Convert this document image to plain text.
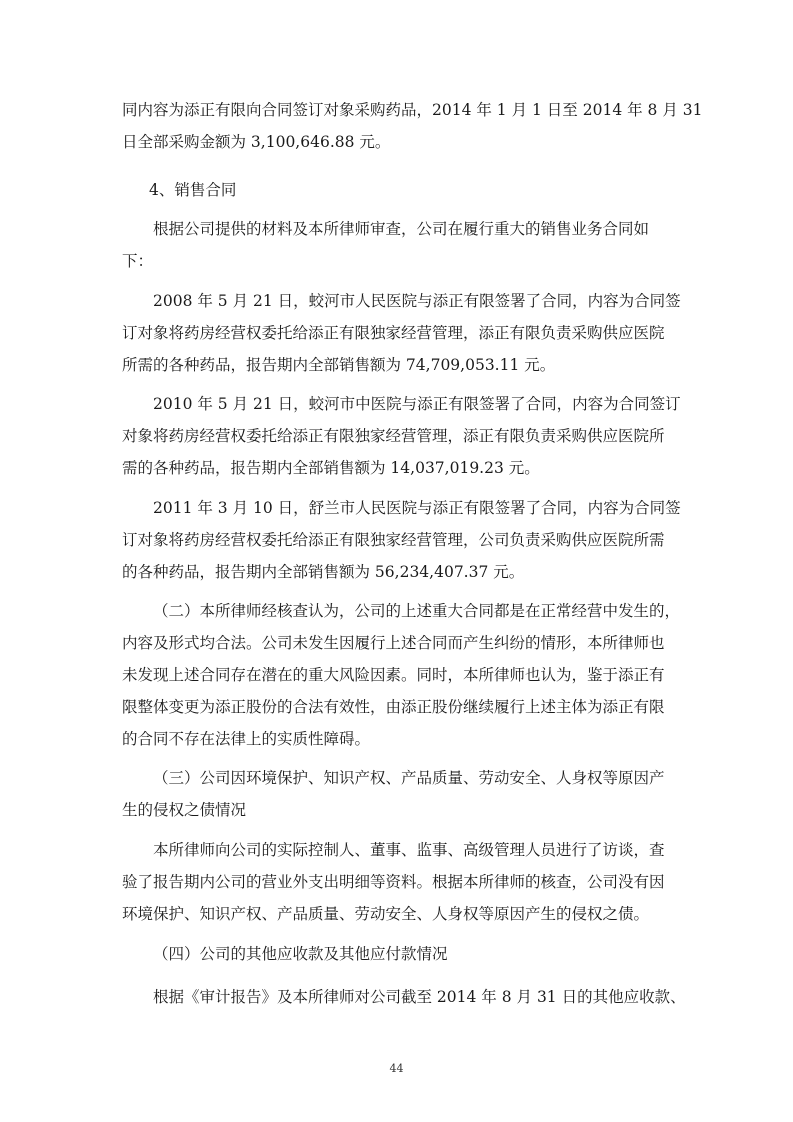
同内容为添正有限向合同签订对象采购药品，2014 年 1 月 1 日至 2014 年 8 月 31
日全部采购金额为 3,100,646.88 元。

4、销售合同

根据公司提供的材料及本所律师审查，公司在履行重大的销售业务合同如
下：

2008 年 5 月 21 日，蛟河市人民医院与添正有限签署了合同，内容为合同签
订对象将药房经营权委托给添正有限独家经营管理，添正有限负责采购供应医院
所需的各种药品，报告期内全部销售额为 74,709,053.11 元。

2010 年 5 月 21 日，蛟河市中医院与添正有限签署了合同，内容为合同签订
对象将药房经营权委托给添正有限独家经营管理，添正有限负责采购供应医院所
需的各种药品，报告期内全部销售额为 14,037,019.23 元。

2011 年 3 月 10 日，舒兰市人民医院与添正有限签署了合同，内容为合同签
订对象将药房经营权委托给添正有限独家经营管理，公司负责采购供应医院所需
的各种药品，报告期内全部销售额为 56,234,407.37 元。

（二）本所律师经核查认为，公司的上述重大合同都是在正常经营中发生的，
内容及形式均合法。公司未发生因履行上述合同而产生纠纷的情形，本所律师也
未发现上述合同存在潜在的重大风险因素。同时，本所律师也认为，鉴于添正有
限整体变更为添正股份的合法有效性，由添正股份继续履行上述主体为添正有限
的合同不存在法律上的实质性障碍。

（三）公司因环境保护、知识产权、产品质量、劳动安全、人身权等原因产
生的侵权之债情况

本所律师向公司的实际控制人、董事、监事、高级管理人员进行了访谈，查
验了报告期内公司的营业外支出明细等资料。根据本所律师的核查，公司没有因
环境保护、知识产权、产品质量、劳动安全、人身权等原因产生的侵权之债。

（四）公司的其他应收款及其他应付款情况

根据《审计报告》及本所律师对公司截至 2014 年 8 月 31 日的其他应收款、

44
